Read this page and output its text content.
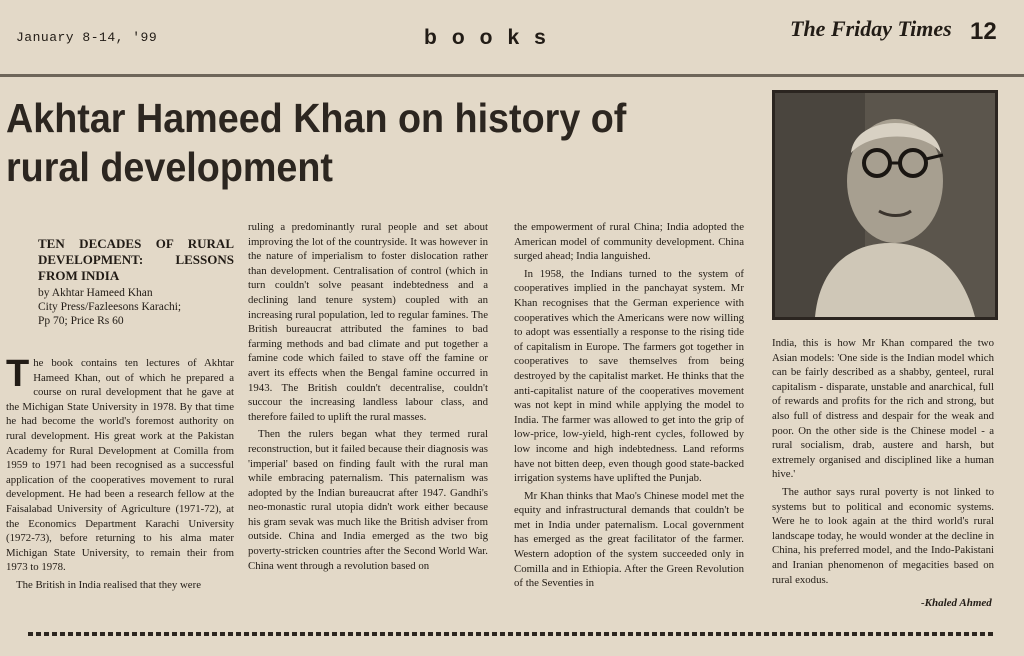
January 8-14, '99	books	The Friday Times 12
Akhtar Hameed Khan on history of rural development
TEN DECADES OF RURAL DEVELOPMENT: LESSONS FROM INDIA
by Akhtar Hameed Khan
City Press/Fazleesons Karachi;
Pp 70; Price Rs 60

The book contains ten lectures of Akhtar Hameed Khan, out of which he prepared a course on rural development that he gave at the Michigan State University in 1978. By that time he had become the world's foremost authority on rural development. His great work at the Pakistan Academy for Rural Development at Comilla from 1959 to 1971 had been recognised as a successful application of the cooperatives movement to rural development. He had been a research fellow at the Faisalabad University of Agriculture (1971-72), at the Economics Department Karachi University (1972-73), before returning to his alma mater Michigan State University, to remain their from 1973 to 1978.

The British in India realised that they were

ruling a predominantly rural people and set about improving the lot of the countryside. It was however in the nature of imperialism to foster dislocation rather than development. Centralisation of control (which in turn couldn't solve peasant indebtedness and a declining land tenure system) coupled with an increasing rural population, led to regular famines. The British bureaucrat attributed the famines to bad farming methods and bad climate and put together a famine code which failed to stave off the famine or avert its effects when the Bengal famine occurred in 1943. The British couldn't decentralise, couldn't succour the increasing landless labour class, and therefore failed to uplift the rural masses.

Then the rulers began what they termed rural reconstruction, but it failed because their diagnosis was 'imperial' based on finding fault with the rural man while embracing paternalism. This paternalism was adopted by the Indian bureaucrat after 1947. Gandhi's neo-monastic rural utopia didn't work either because his gram sevak was much like the British adviser from outside. China and India emerged as the two big poverty-stricken countries after the Second World War. China went through a revolution based on

the empowerment of rural China; India adopted the American model of community development. China surged ahead; India languished.

In 1958, the Indians turned to the system of cooperatives implied in the panchayat system. Mr Khan recognises that the German experience with cooperatives which the Americans were now willing to adopt was essentially a response to the rising tide of capitalism in Europe. The farmers got together in cooperatives to save themselves from being destroyed by the capitalist market. He thinks that the anti-capitalist nature of the cooperatives movement was not kept in mind while applying the model to India. The farmer was allowed to get into the grip of low-price, low-yield, high-rent cycles, followed by low income and high indebtedness. Land reforms have not bitten deep, even though good state-backed irrigation systems have uplifted the Punjab.

Mr Khan thinks that Mao's Chinese model met the equity and infrastructural demands that couldn't be met in India under paternalism. Local government has emerged as the great facilitator of the farmer. Western adoption of the system succeeded only in Comilla and in Ethiopia. After the Green Revolution of the Seventies in

India, this is how Mr Khan compared the two Asian models: 'One side is the Indian model which can be fairly described as a shabby, genteel, rural capitalism - disparate, unstable and anarchical, full of rewards and profits for the rich and strong, but also full of distress and despair for the weak and poor. On the other side is the Chinese model - a rural socialism, drab, austere and harsh, but extremely organised and disciplined like a human hive.'

The author says rural poverty is not linked to systems but to political and economic systems. Were he to look again at the third world's rural landscape today, he would wonder at the decline in China, his preferred model, and the Indo-Pakistani and Iranian phenomenon of megacities based on rural exodus.

-Khaled Ahmed
